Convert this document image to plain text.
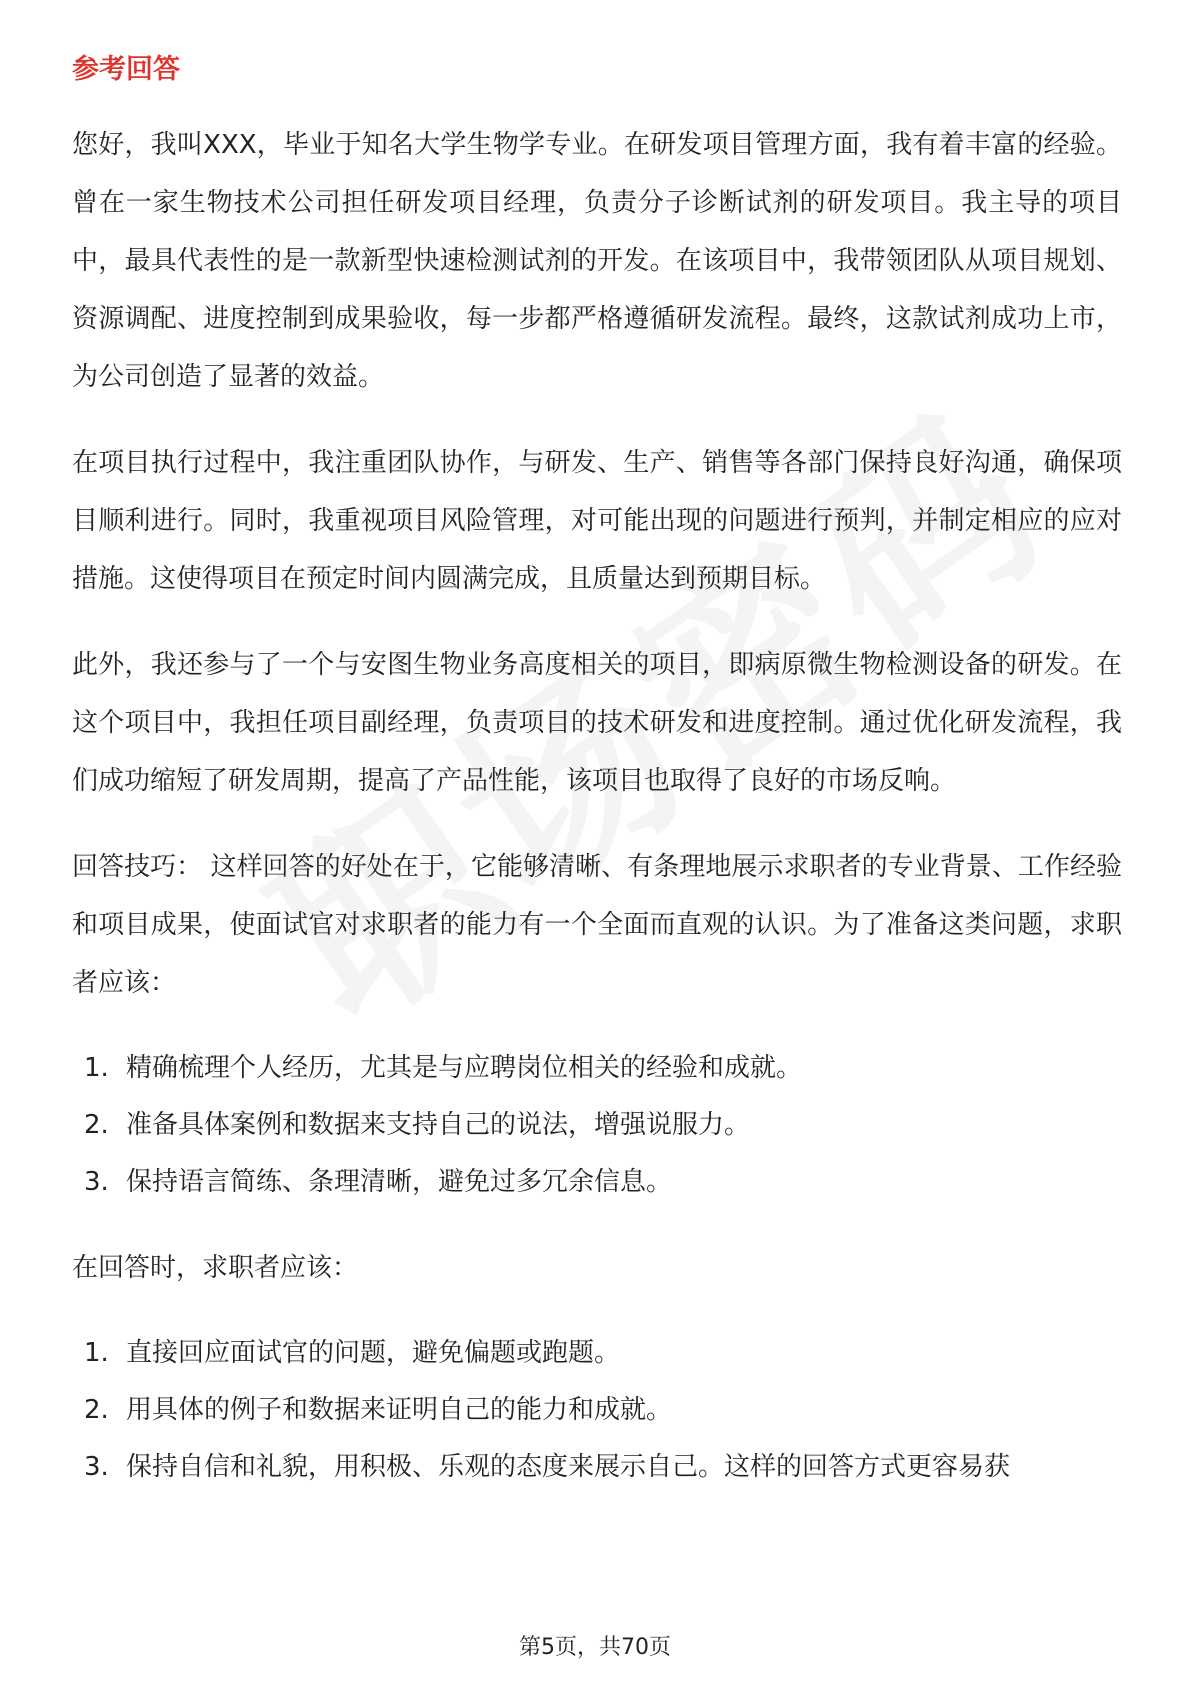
参考回答

您好，我叫XXX，毕业于知名大学生物学专业。在研发项目管理方面，我有着丰富的经验。曾在一家生物技术公司担任研发项目经理，负责分子诊断试剂的研发项目。我主导的项目中，最具代表性的是一款新型快速检测试剂的开发。在该项目中，我带领团队从项目规划、资源调配、进度控制到成果验收，每一步都严格遵循研发流程。最终，这款试剂成功上市，为公司创造了显著的效益。

在项目执行过程中，我注重团队协作，与研发、生产、销售等各部门保持良好沟通，确保项目顺利进行。同时，我重视项目风险管理，对可能出现的问题进行预判，并制定相应的应对措施。这使得项目在预定时间内圆满完成，且质量达到预期目标。

此外，我还参与了一个与安图生物业务高度相关的项目，即病原微生物检测设备的研发。在这个项目中，我担任项目副经理，负责项目的技术研发和进度控制。通过优化研发流程，我们成功缩短了研发周期，提高了产品性能，该项目也取得了良好的市场反响。

回答技巧： 这样回答的好处在于，它能够清晰、有条理地展示求职者的专业背景、工作经验和项目成果，使面试官对求职者的能力有一个全面而直观的认识。为了准备这类问题，求职者应该：

1. 精确梳理个人经历，尤其是与应聘岗位相关的经验和成就。
2. 准备具体案例和数据来支持自己的说法，增强说服力。
3. 保持语言简练、条理清晰，避免过多冗余信息。

在回答时，求职者应该：

1. 直接回应面试官的问题，避免偏题或跑题。
2. 用具体的例子和数据来证明自己的能力和成就。
3. 保持自信和礼貌，用积极、乐观的态度来展示自己。这样的回答方式更容易获
第5页，共70页
